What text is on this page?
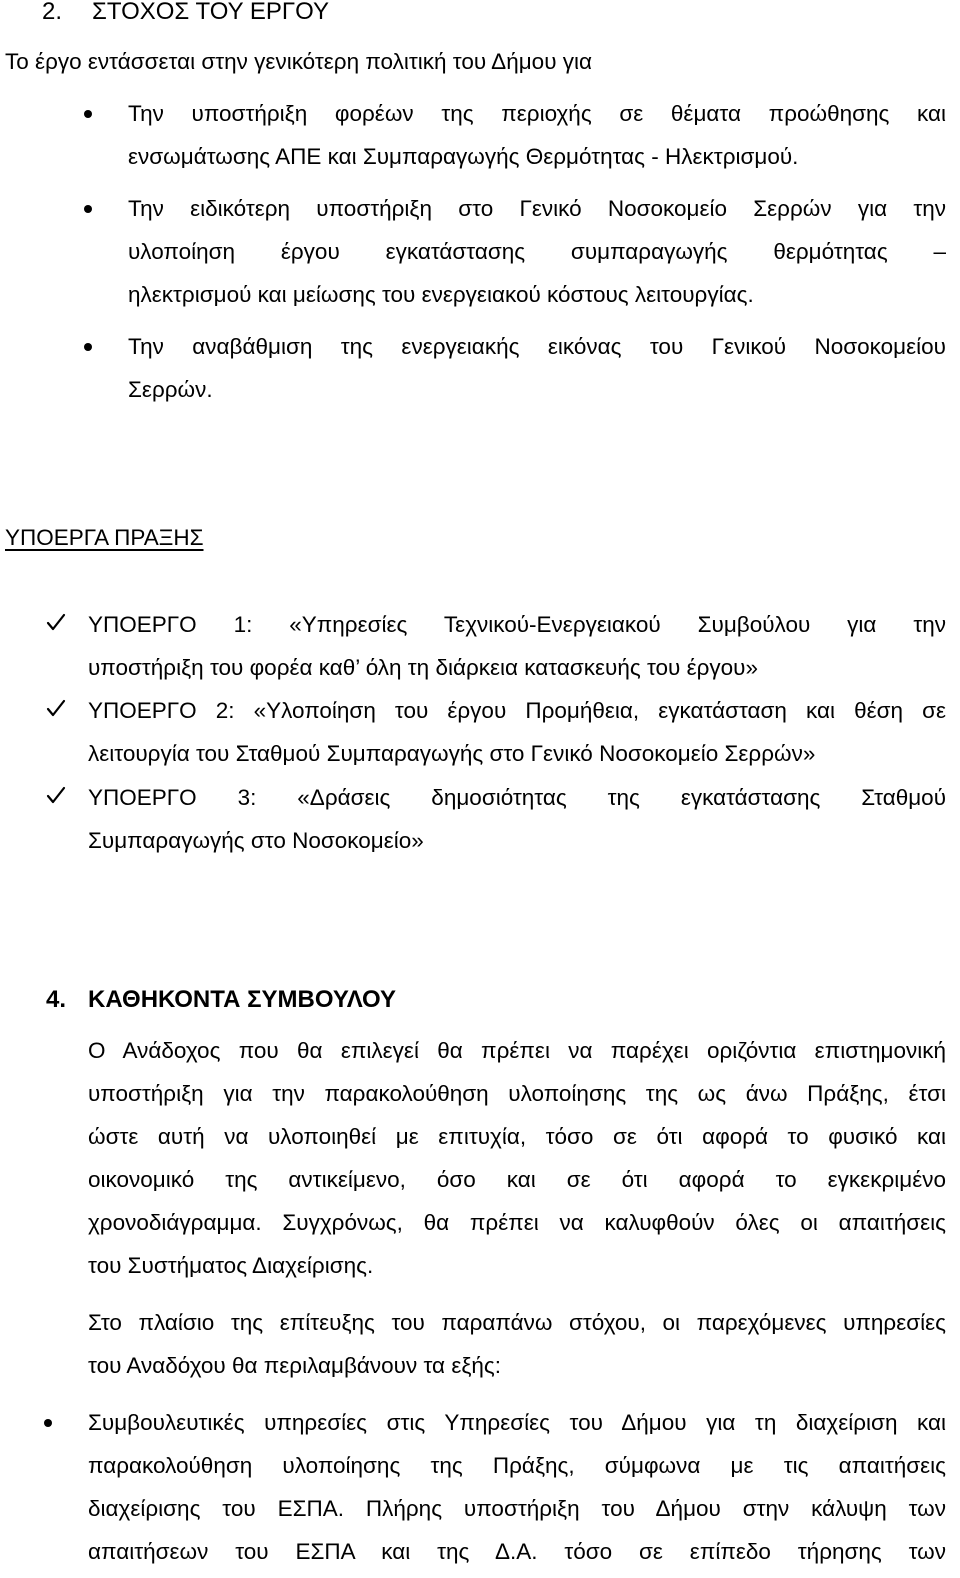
2. ΣΤΟΧΟΣ ΤΟΥ ΕΡΓΟΥ

Το έργο εντάσσεται στην γενικότερη πολιτική του Δήμου για

Την υποστήριξη φορέων της περιοχής σε θέματα προώθησης και

ενσωμάτωσης ΑΠΕ και Συμπαραγωγής Θερμότητας - Ηλεκτρισμού.

Την ειδικότερη υποστήριξη στο Γενικό Νοσοκομείο Σερρών για την

υλοποίηση έργου εγκατάστασης συμπαραγωγής θερμότητας –

ηλεκτρισμού και μείωσης του ενεργειακού κόστους λειτουργίας.

Την αναβάθμιση της ενεργειακής εικόνας του Γενικού Νοσοκομείου

Σερρών.

ΥΠΟΕΡΓΑ ΠΡΑΞΗΣ

ΥΠΟΕΡΓΟ 1: «Υπηρεσίες Τεχνικού-Ενεργειακού Συμβούλου για την

υποστήριξη του φορέα καθ’ όλη τη διάρκεια κατασκευής του έργου»

ΥΠΟΕΡΓΟ 2: «Υλοποίηση του έργου Προμήθεια, εγκατάσταση και θέση σε

λειτουργία του Σταθμού Συμπαραγωγής στο Γενικό Νοσοκομείο Σερρών»

ΥΠΟΕΡΓΟ 3: «Δράσεις δημοσιότητας της εγκατάστασης Σταθμού

Συμπαραγωγής στο Νοσοκομείο»

4. ΚΑΘΗΚΟΝΤΑ ΣΥΜΒΟΥΛΟΥ

Ο Ανάδοχος που θα επιλεγεί θα πρέπει να παρέχει οριζόντια επιστημονική

υποστήριξη για την παρακολούθηση υλοποίησης της ως άνω Πράξης, έτσι

ώστε αυτή να υλοποιηθεί με επιτυχία, τόσο σε ότι αφορά το φυσικό και

οικονομικό της αντικείμενο, όσο και σε ότι αφορά το εγκεκριμένο

χρονοδιάγραμμα. Συγχρόνως, θα πρέπει να καλυφθούν όλες οι απαιτήσεις

του Συστήματος Διαχείρισης.

Στο πλαίσιο της επίτευξης του παραπάνω στόχου, οι παρεχόμενες υπηρεσίες

του Αναδόχου θα περιλαμβάνουν τα εξής:

Συμβουλευτικές υπηρεσίες στις Υπηρεσίες του Δήμου για τη διαχείριση και

παρακολούθηση υλοποίησης της Πράξης, σύμφωνα με τις απαιτήσεις

διαχείρισης του ΕΣΠΑ. Πλήρης υποστήριξη του Δήμου στην κάλυψη των

απαιτήσεων του ΕΣΠΑ και της Δ.Α. τόσο σε επίπεδο τήρησης των
